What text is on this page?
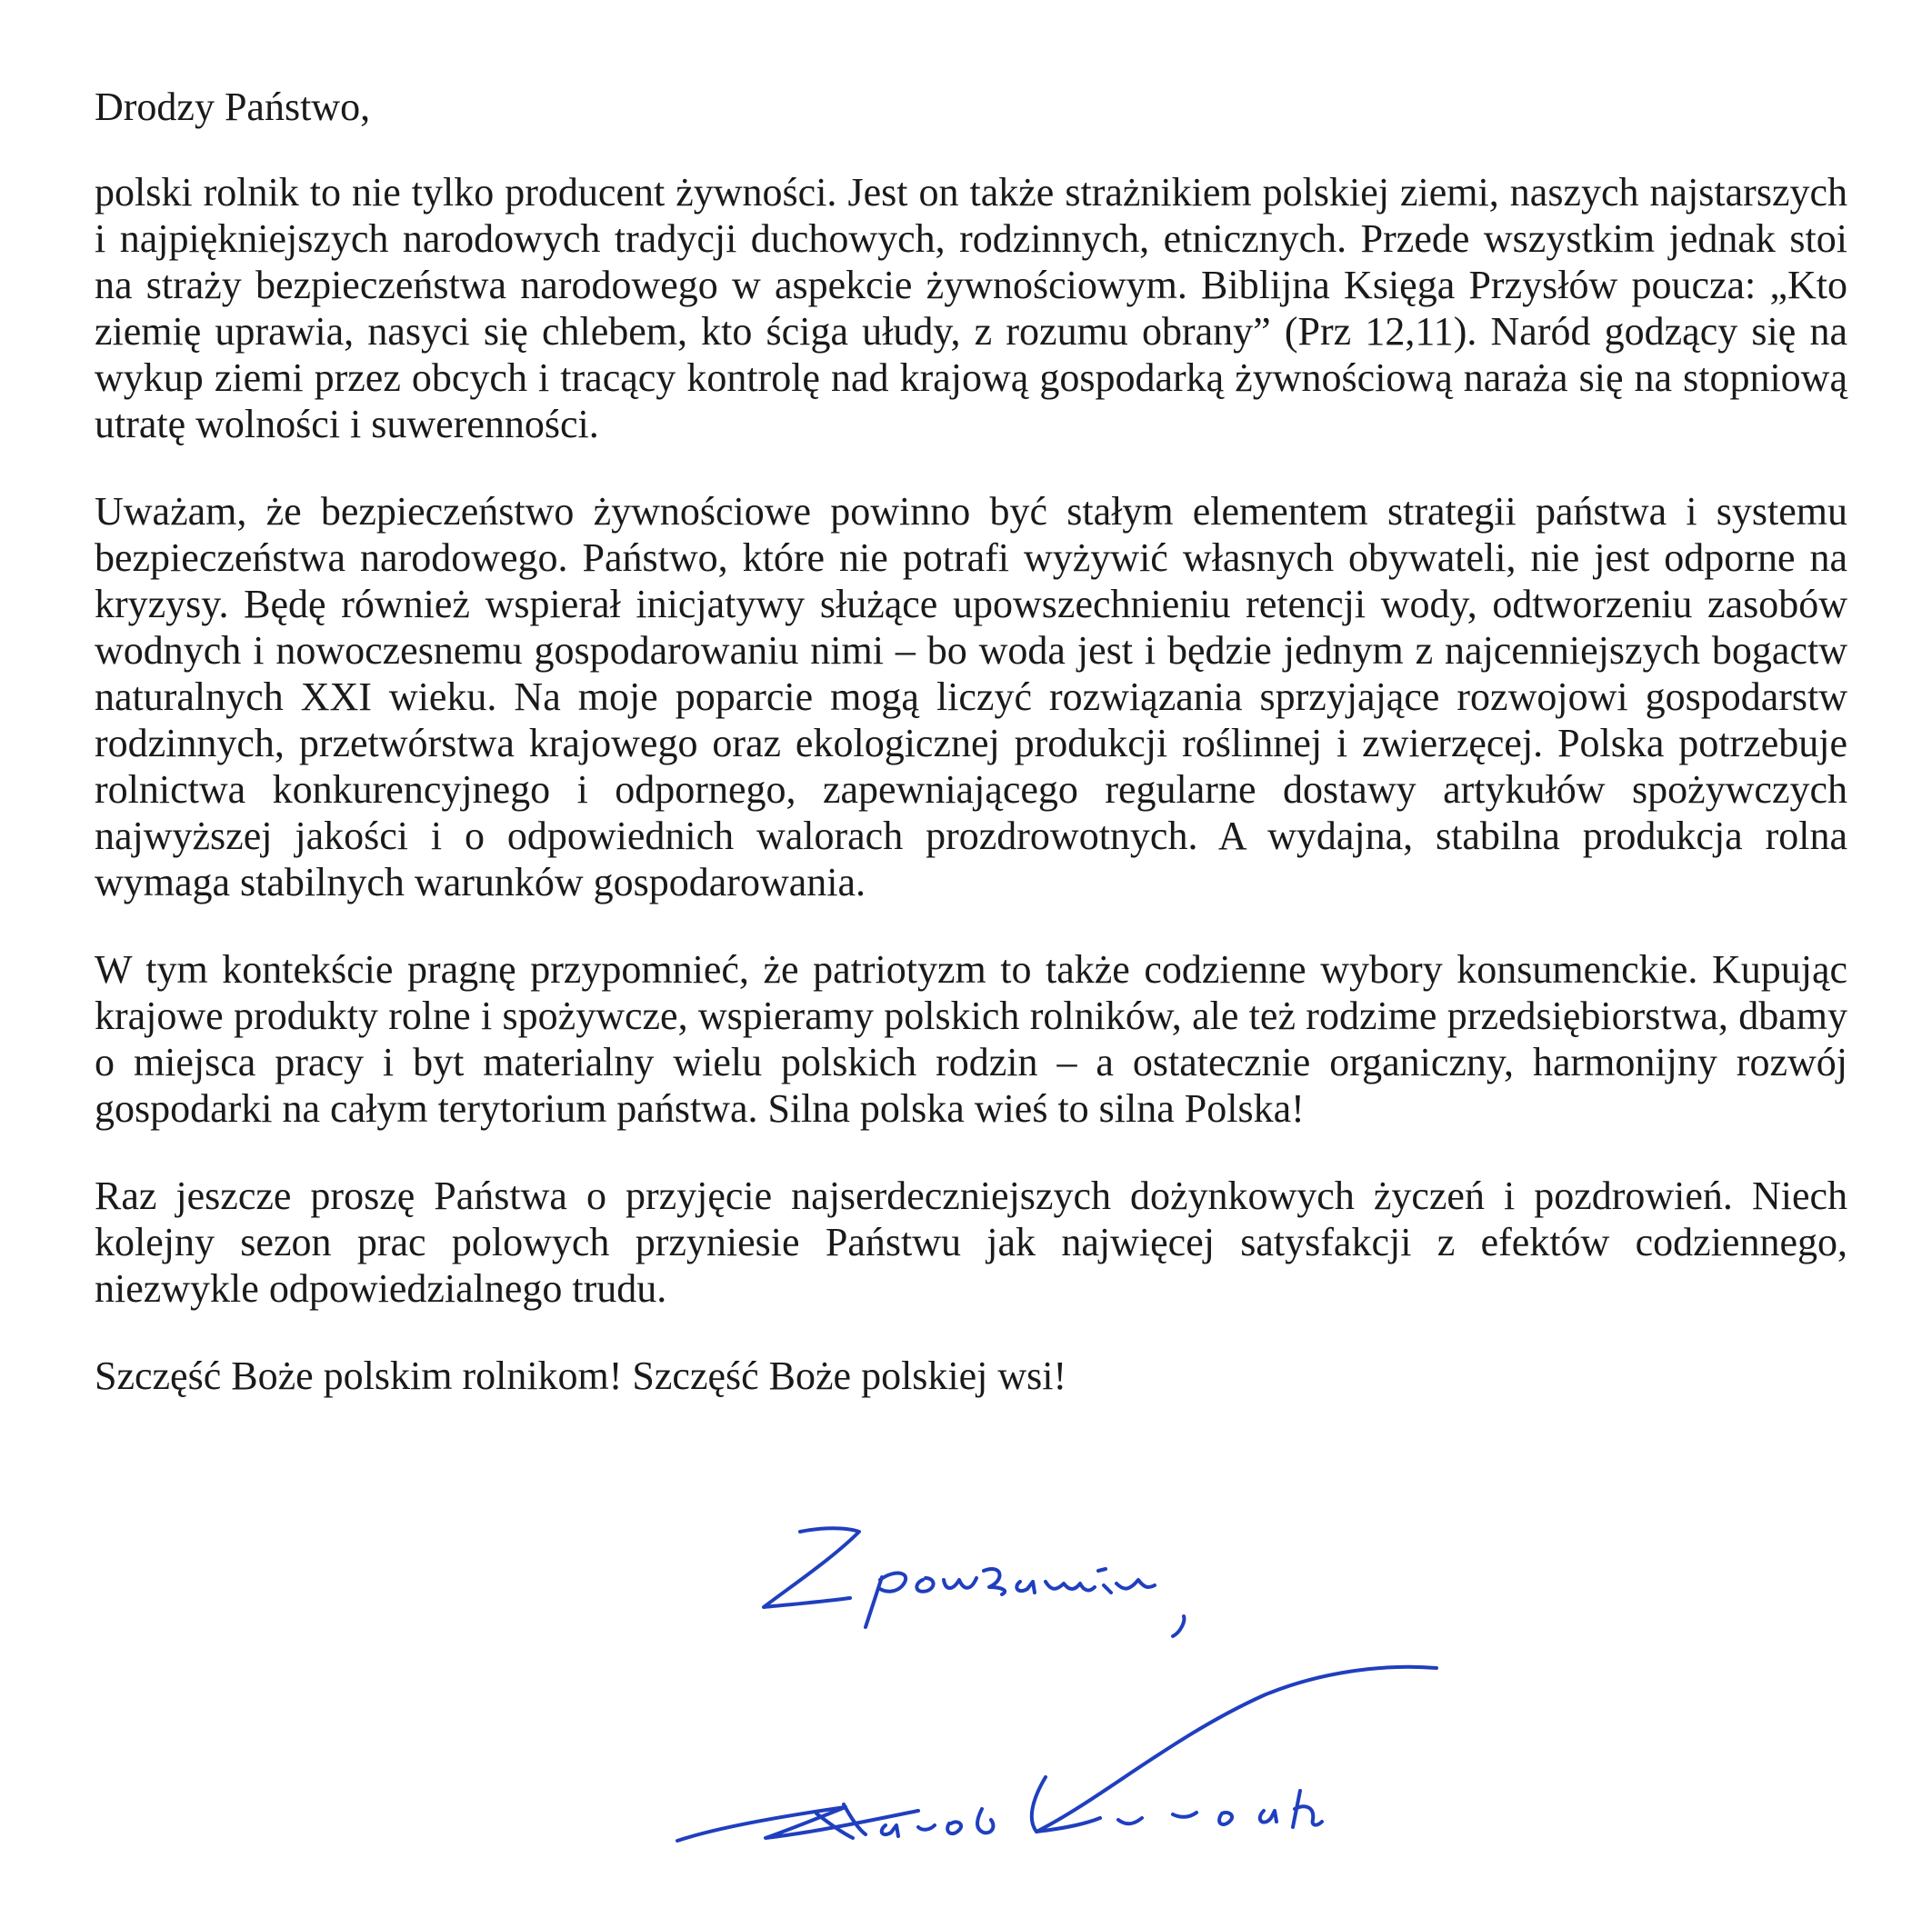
Drodzy Państwo,

polski rolnik to nie tylko producent żywności. Jest on także strażnikiem polskiej ziemi, naszych najstarszych i najpiękniejszych narodowych tradycji duchowych, rodzinnych, etnicznych. Przede wszystkim jednak stoi na straży bezpieczeństwa narodowego w aspekcie żywnościowym. Biblijna Księga Przysłów poucza: „Kto ziemię uprawia, nasyci się chlebem, kto ściga ułudy, z rozumu obrany” (Prz 12,11). Naród godzący się na wykup ziemi przez obcych i tracący kontrolę nad krajową gospodarką żywnościową naraża się na stopniową utratę wolności i suwerenności.

Uważam, że bezpieczeństwo żywnościowe powinno być stałym elementem strategii państwa i systemu bezpieczeństwa narodowego. Państwo, które nie potrafi wyżywić własnych obywateli, nie jest odporne na kryzysy. Będę również wspierał inicjatywy służące upowszechnieniu retencji wody, odtworzeniu zasobów wodnych i nowoczesnemu gospodarowaniu nimi – bo woda jest i będzie jednym z najcenniejszych bogactw naturalnych XXI wieku. Na moje poparcie mogą liczyć rozwiązania sprzyjające rozwojowi gospodarstw rodzinnych, przetwórstwa krajowego oraz ekologicznej produkcji roślinnej i zwierzęcej. Polska potrzebuje rolnictwa konkurencyjnego i odpornego, zapewniającego regularne dostawy artykułów spożywczych najwyższej jakości i o odpowiednich walorach prozdrowotnych. A wydajna, stabilna produkcja rolna wymaga stabilnych warunków gospodarowania.

W tym kontekście pragnę przypomnieć, że patriotyzm to także codzienne wybory konsumenckie. Kupując krajowe produkty rolne i spożywcze, wspieramy polskich rolników, ale też rodzime przedsiębiorstwa, dbamy o miejsca pracy i byt materialny wielu polskich rodzin – a ostatecznie organiczny, harmonijny rozwój gospodarki na całym terytorium państwa. Silna polska wieś to silna Polska!

Raz jeszcze proszę Państwa o przyjęcie najserdeczniejszych dożynkowych życzeń i pozdrowień. Niech kolejny sezon prac polowych przyniesie Państwu jak najwięcej satysfakcji z efektów codziennego, niezwykle odpowiedzialnego trudu.

Szczęść Boże polskim rolnikom! Szczęść Boże polskiej wsi!
